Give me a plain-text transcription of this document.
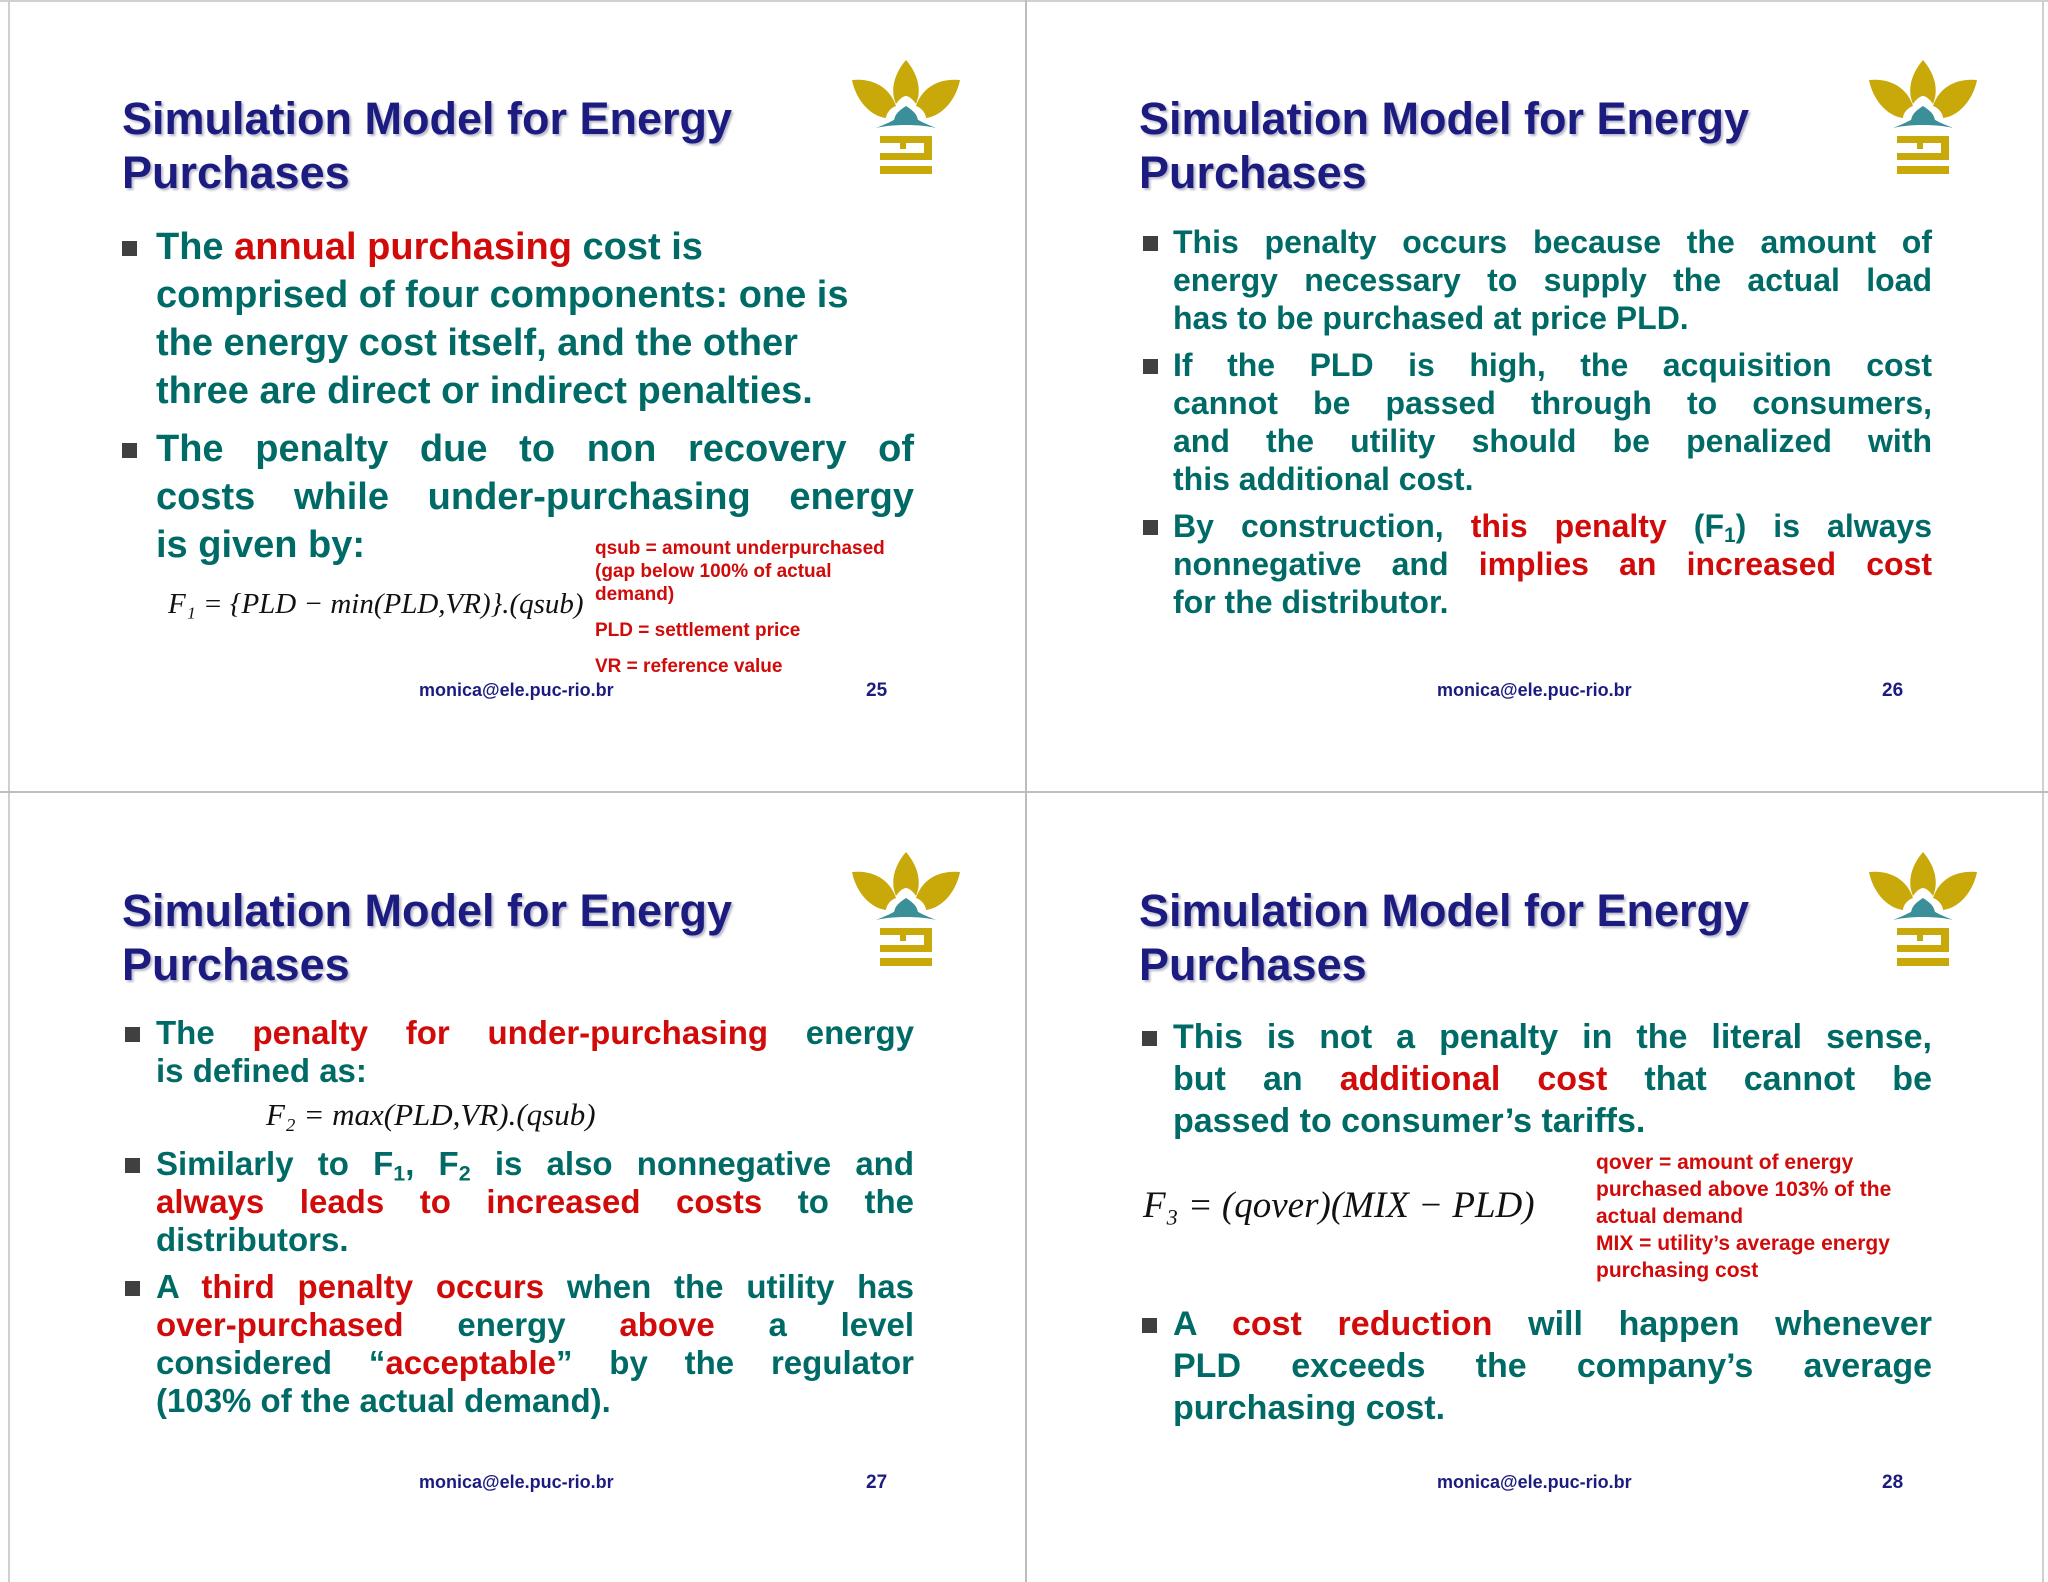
Simulation Model for Energy
Purchases
The annual purchasing cost is
comprised of four components: one is
the energy cost itself, and the other
three are direct or indirect penalties.
The penalty due to non recovery of
costs while under-purchasing energy
is given by:
F₁ = {PLD − min(PLD,VR)}.(qsub)
qsub = amount underpurchased
(gap below 100% of actual
demand)
PLD = settlement price
VR = reference value
monica@ele.puc-rio.br	25
Simulation Model for Energy
Purchases
This penalty occurs because the amount of
energy necessary to supply the actual load
has to be purchased at price PLD.
If the PLD is high, the acquisition cost
cannot be passed through to consumers,
and the utility should be penalized with
this additional cost.
By construction, this penalty $(F_1)$ is always
nonnegative and implies an increased cost
for the distributor.
monica@ele.puc-rio.br	26
Simulation Model for Energy
Purchases
The penalty for under-purchasing energy
is defined as:
Similarly to $F_1$, $F_2$ is also nonnegative and
always leads to increased costs to the
distributors.
A third penalty occurs when the utility has
over-purchased energy above a level
considered “acceptable” by the regulator
(103% of the actual demand).
F₂ = max(PLD,VR).(qsub)
monica@ele.puc-rio.br	27
Simulation Model for Energy
Purchases
This is not a penalty in the literal sense,
but an additional cost that cannot be
passed to consumer’s tariffs.
A cost reduction will happen whenever
PLD exceeds the company’s average
purchasing cost.
F₃ = (qover)(MIX − PLD)
qover = amount of energy
purchased above 103% of the
actual demand
MIX = utility’s average energy
purchasing cost
monica@ele.puc-rio.br	28
